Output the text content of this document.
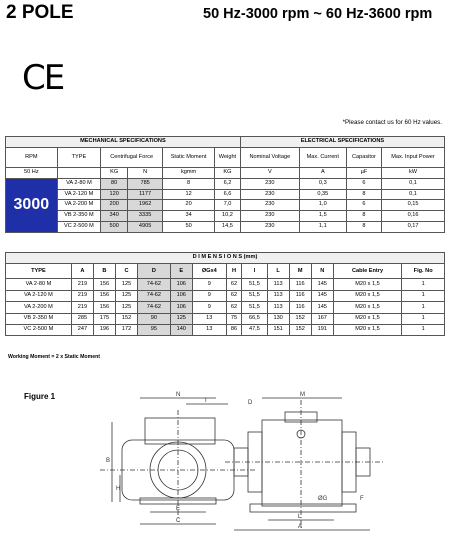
2 POLE	50 Hz-3000 rpm ~ 60 Hz-3600 rpm
CE
*Please contact us for 60 Hz values.
MECHANICAL SPECIFICATIONS						ELECTRICAL SPECIFICATIONS			
RPM	TYPE	Centrifugal Force		Static Moment	Weight	Nominal Voltage	Max. Current	Capasitor	Max. Input Power
50 Hz		KG	N	kgmm	KG	V	A	µF	kW
3000	VA 2-80 M	80	785	8	6,2	230	0,3	6	0,1
	VA 2-120 M	120	1177	12	6,6	230	0,35	8	0,1
	VA 2-200 M	200	1962	20	7,0	230	1,0	6	0,15
	VB 2-350 M	340	3335	34	10,2	230	1,5	8	0,16
	VC 2-500 M	500	4905	50	14,5	230	1,1	8	0,17
D I M E N S I O N S (mm)													
TYPE	A	B	C	D	E	ØGx4	H	I	L	M	N	Cable Entry	Fig. No
VA 2-80 M	219	156	125	74-62	106	9	62	51,5	113	116	145	M20 x 1,5	1
VA 2-120 M	219	156	125	74-62	106	9	62	51,5	113	116	145	M20 x 1,5	1
VA 2-200 M	219	156	125	74-62	106	9	62	51,5	113	116	145	M20 x 1,5	1
VB 2-350 M	285	175	152	90	125	13	75	66,5	130	152	167	M20 x 1,5	1
VC 2-500 M	247	196	172	95	140	13	86	47,5	151	152	191	M20 x 1,5	1
Working Moment = 2 x Static Moment
Figure 1	N
I
B
H
E
C
D
M
L
A
ØG	F
